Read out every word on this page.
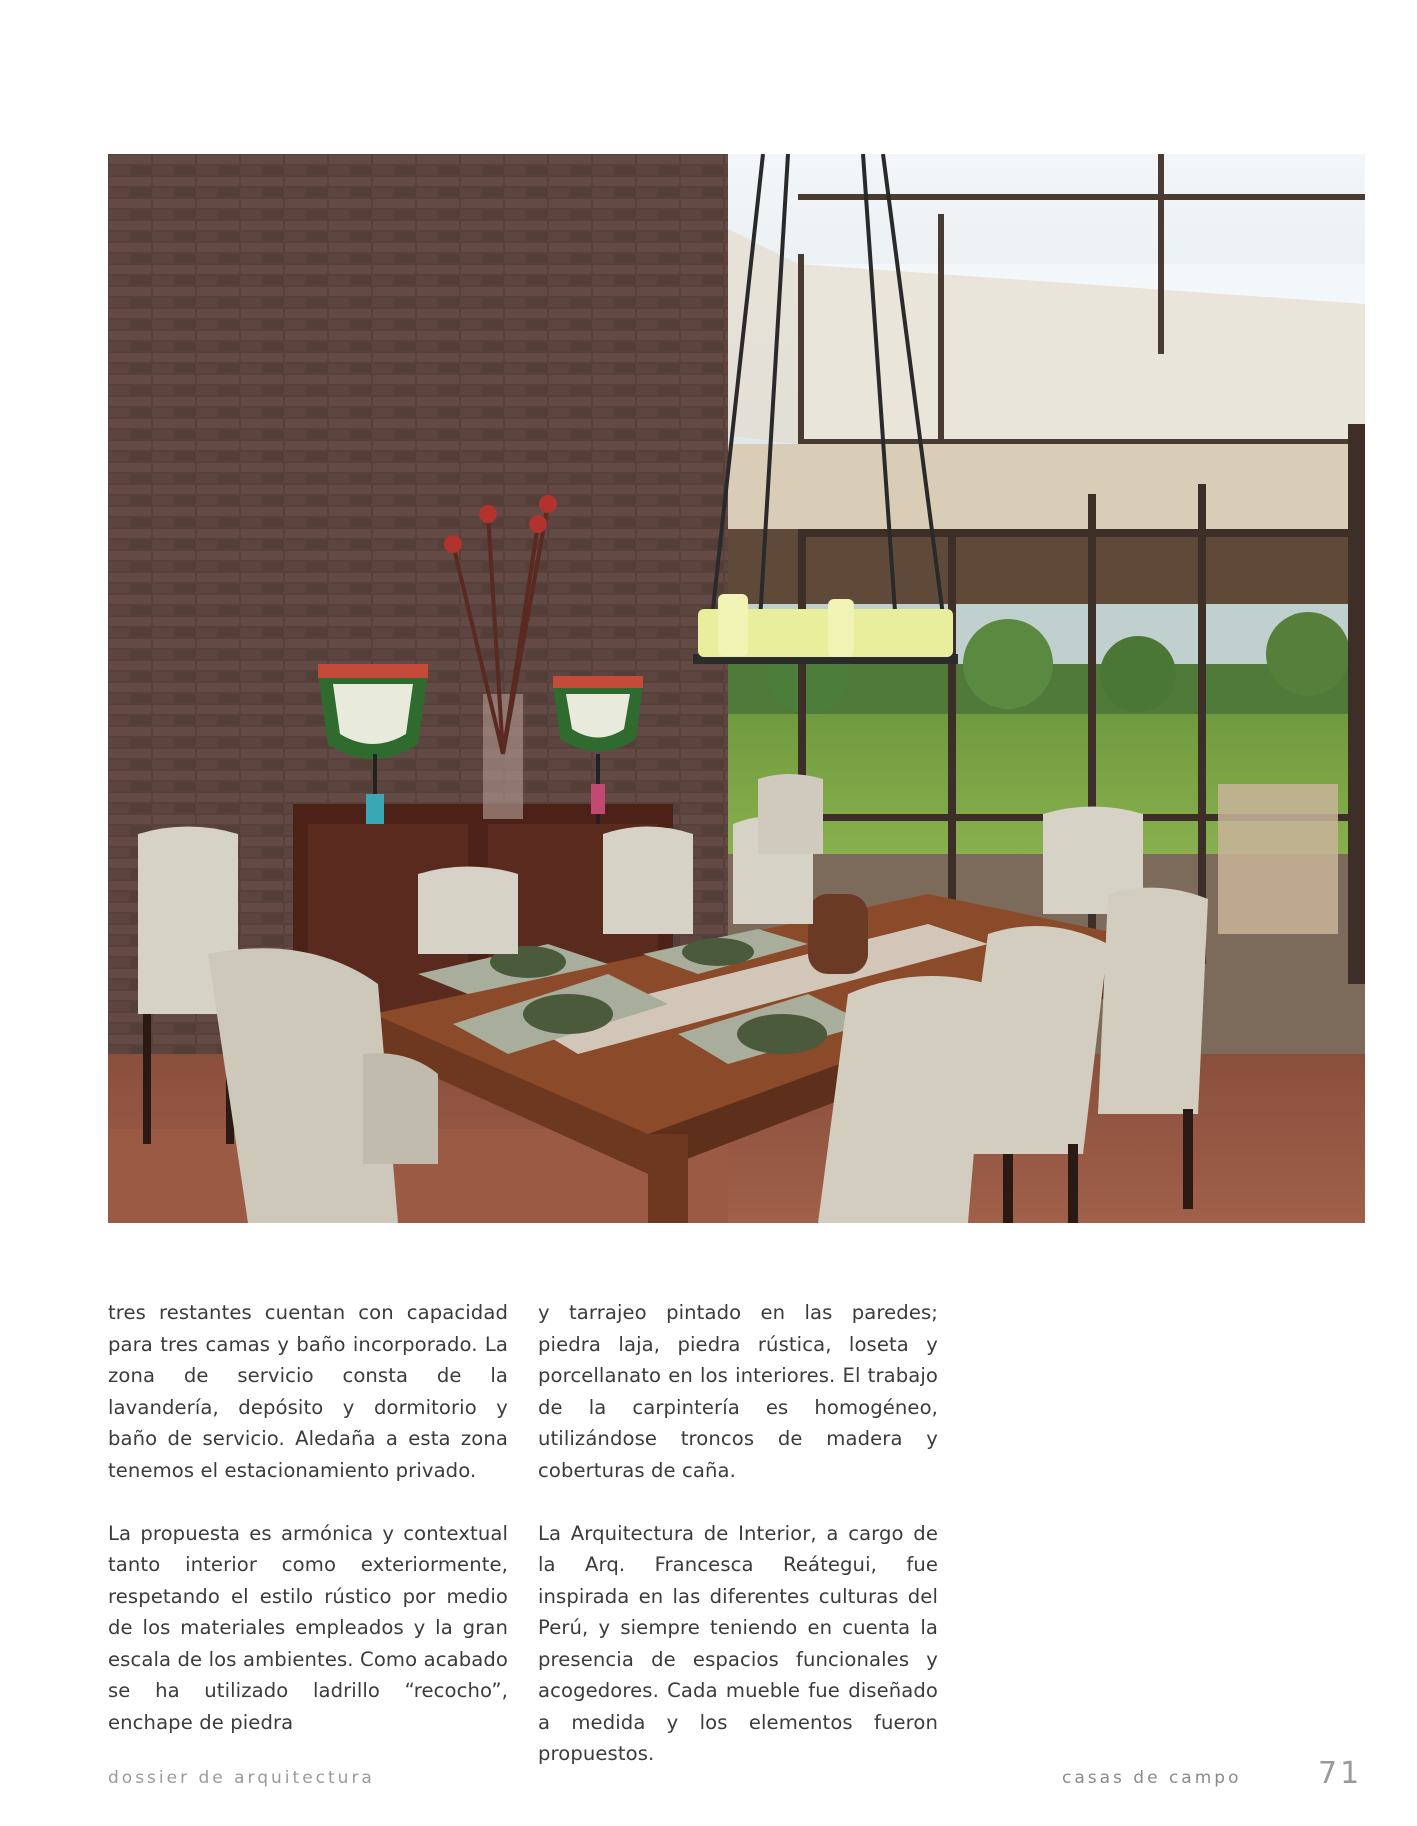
tres restantes cuentan con capacidad para tres camas y baño incorporado. La zona de servicio consta de la lavandería, depósito y dormitorio y baño de servicio. Aledaña a esta zona tenemos el estacionamiento privado.

La propuesta es armónica y contextual tanto interior como exteriormente, respetando el estilo rústico por medio de los materiales empleados y la gran escala de los ambientes. Como acabado se ha utilizado ladrillo “recocho”, enchape de piedra

y tarrajeo pintado en las paredes; piedra laja, piedra rústica, loseta y porcellanato en los interiores. El trabajo de la carpintería es homogéneo, utilizándose troncos de madera y coberturas de caña.

La Arquitectura de Interior, a cargo de la Arq. Francesca Reátegui, fue inspirada en las diferentes culturas del Perú, y siempre teniendo en cuenta la presencia de espacios funcionales y acogedores. Cada mueble fue diseñado a medida y los elementos fueron propuestos.

dossier de arquitectura	casas de campo	71
